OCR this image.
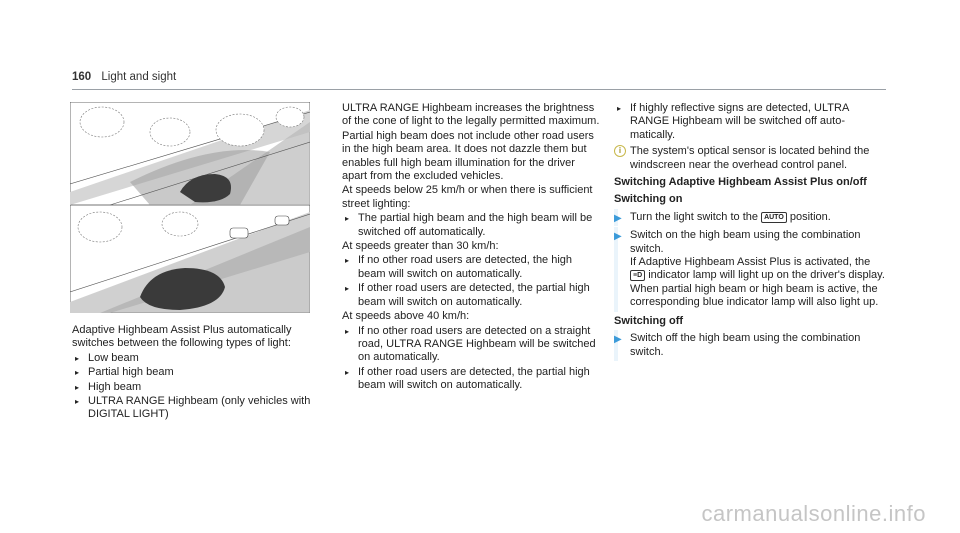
160 Light and sight

Adaptive Highbeam Assist Plus automatically switches between the following types of light:

▸ Low beam
▸ Partial high beam
▸ High beam
▸ ULTRA RANGE Highbeam (only vehicles with DIGITAL LIGHT)

ULTRA RANGE Highbeam increases the brightness of the cone of light to the legally permitted maximum.

Partial high beam does not include other road users in the high beam area. It does not dazzle them but enables full high beam illumination for the driver apart from the excluded vehicles.

At speeds below 25 km/h or when there is sufficient street lighting:

▸ The partial high beam and the high beam will be switched off automatically.

At speeds greater than 30 km/h:

▸ If no other road users are detected, the high beam will switch on automatically.
▸ If other road users are detected, the partial high beam will switch on automatically.

At speeds above 40 km/h:

▸ If no other road users are detected on a straight road, ULTRA RANGE Highbeam will be switched on automatically.
▸ If other road users are detected, the partial high beam will switch on automatically.
▸ If highly reflective signs are detected, ULTRA RANGE Highbeam will be switched off automatically.
i The system's optical sensor is located behind the windscreen near the overhead control panel.
Switching Adaptive Highbeam Assist Plus on/off
Switching on
▶ Turn the light switch to the AUTO position.
▶ Switch on the high beam using the combination switch.
If Adaptive Highbeam Assist Plus is activated, the ≡D indicator lamp will light up on the driver's display. When partial high beam or high beam is active, the corresponding blue indicator lamp will also light up.
Switching off
▶ Switch off the high beam using the combination switch.
carmanualsonline.info
